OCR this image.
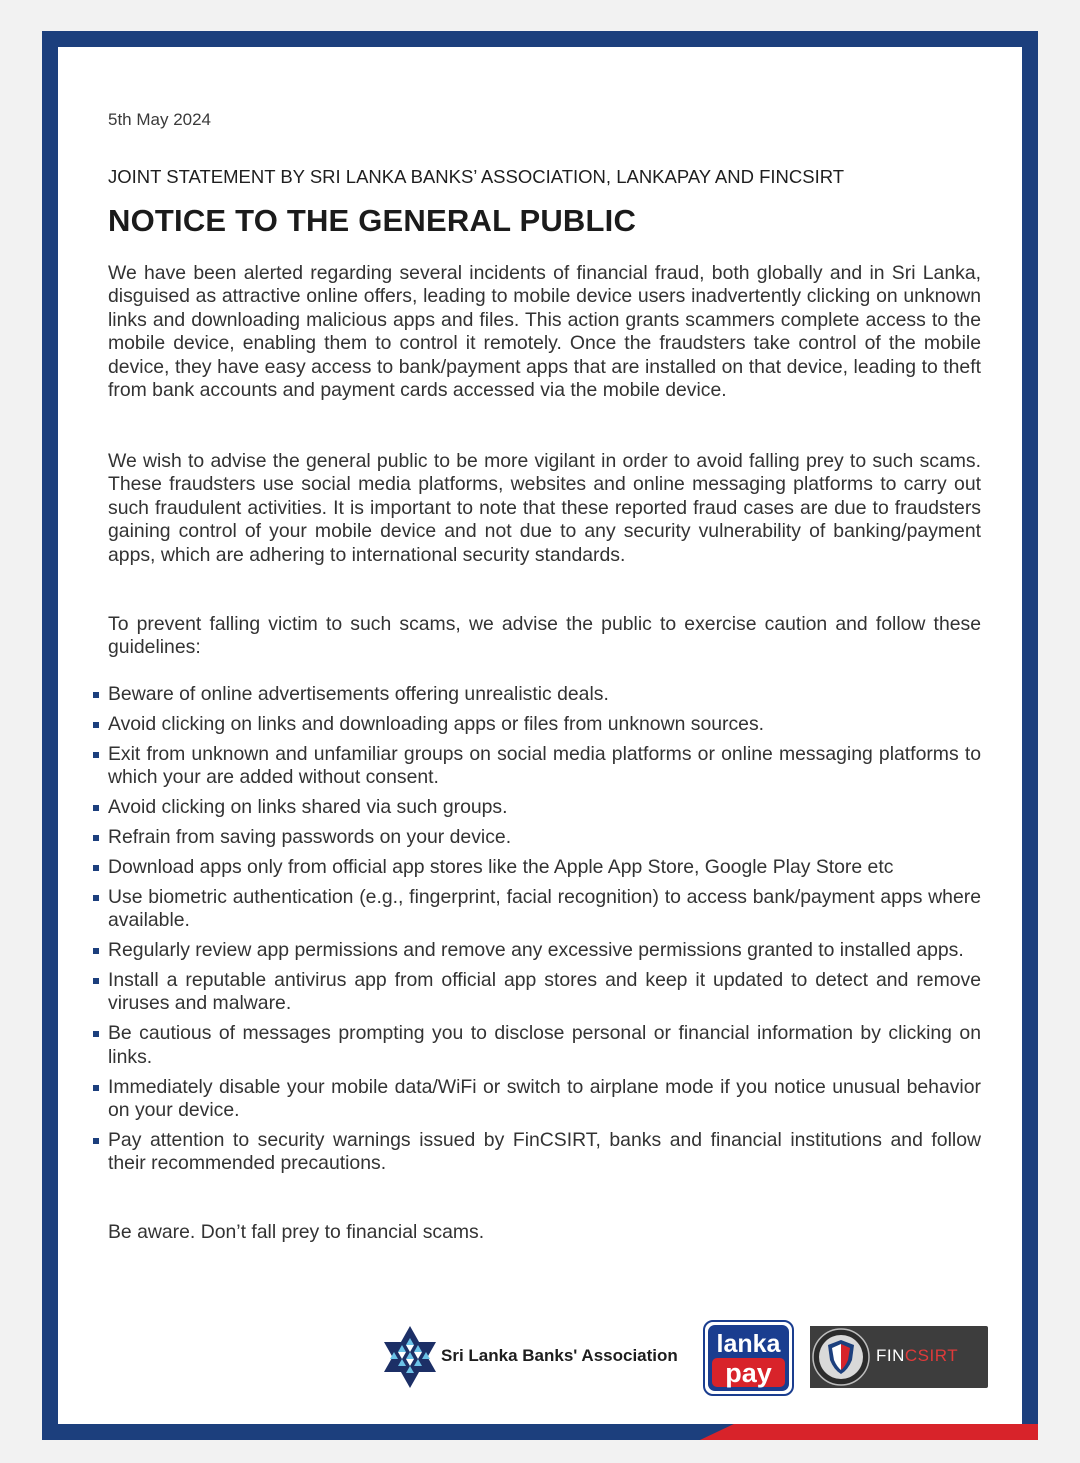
5th May 2024
JOINT STATEMENT BY SRI LANKA BANKS’ ASSOCIATION, LANKAPAY AND FINCSIRT
NOTICE TO THE GENERAL PUBLIC
We have been alerted regarding several incidents of financial fraud, both globally and in Sri Lanka, disguised as attractive online offers, leading to mobile device users inadvertently clicking on unknown links and downloading malicious apps and files. This action grants scammers complete access to the mobile device, enabling them to control it remotely. Once the fraudsters take control of the mobile device, they have easy access to bank/payment apps that are installed on that device, leading to theft from bank accounts and payment cards accessed via the mobile device.
We wish to advise the general public to be more vigilant in order to avoid falling prey to such scams. These fraudsters use social media platforms, websites and online messaging platforms to carry out such fraudulent activities. It is important to note that these reported fraud cases are due to fraudsters gaining control of your mobile device and not due to any security vulnerability of banking/payment apps, which are adhering to international security standards.
To prevent falling victim to such scams, we advise the public to exercise caution and follow these guidelines:
Beware of online advertisements offering unrealistic deals.
Avoid clicking on links and downloading apps or files from unknown sources.
Exit from unknown and unfamiliar groups on social media platforms or online messaging platforms to which your are added without consent.
Avoid clicking on links shared via such groups.
Refrain from saving passwords on your device.
Download apps only from official app stores like the Apple App Store, Google Play Store etc
Use biometric authentication (e.g., fingerprint, facial recognition) to access bank/payment apps where available.
Regularly review app permissions and remove any excessive permissions granted to installed apps.
Install a reputable antivirus app from official app stores and keep it updated to detect and remove viruses and malware.
Be cautious of messages prompting you to disclose personal or financial information by clicking on links.
Immediately disable your mobile data/WiFi or switch to airplane mode if you notice unusual behavior on your device.
Pay attention to security warnings issued by FinCSIRT, banks and financial institutions and follow their recommended precautions.
Be aware. Don’t fall prey to financial scams.
Sri Lanka Banks' Association lanka
pay
FINCSIRT
